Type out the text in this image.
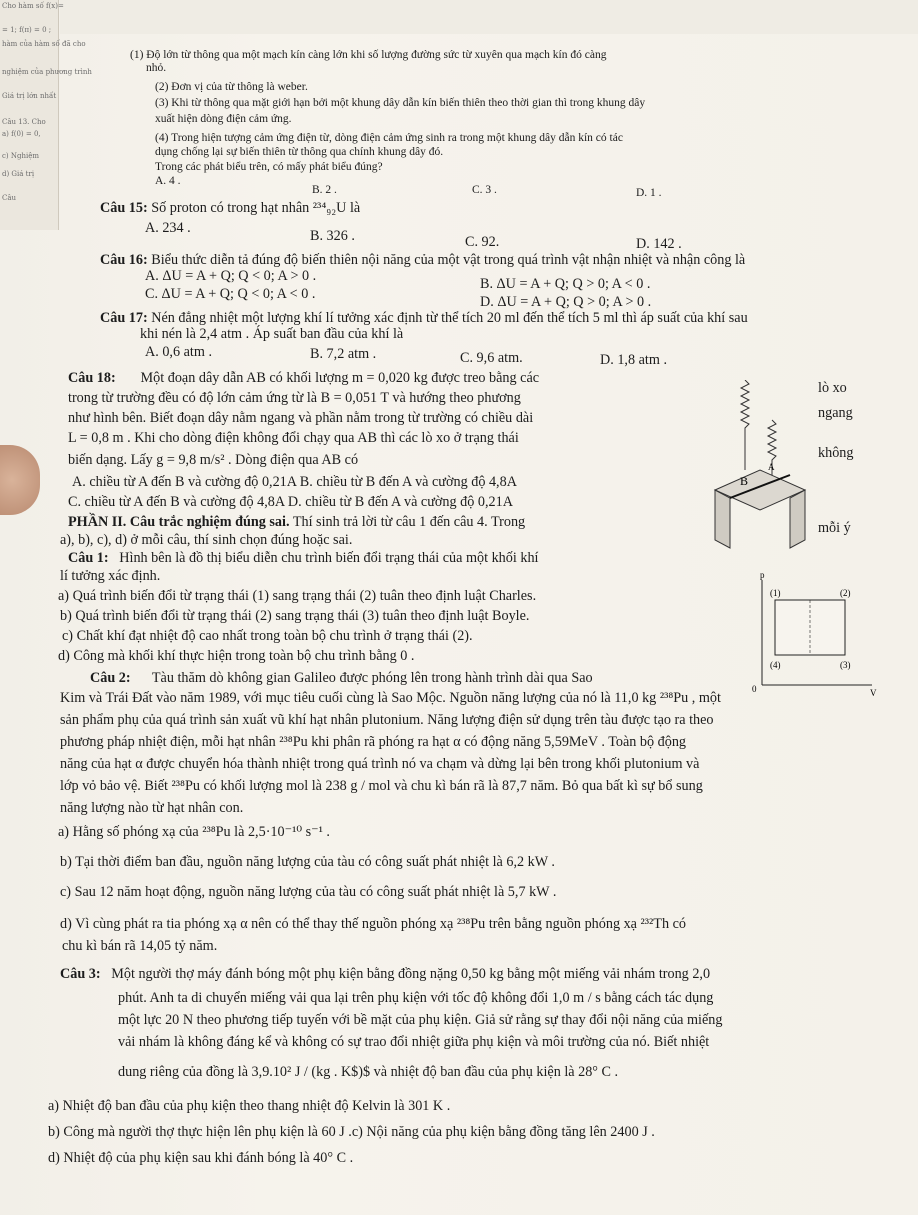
Cho hàm số f(x)=
= 1; f(π) = 0 ;
hàm của hàm số đã cho
nghiệm của phương trình
Giá trị lớn nhất
Câu 13. Cho
a) f(0) = 0,
c) Nghiệm
d) Giá trị
Câu
(1) Độ lớn từ thông qua một mạch kín càng lớn khi số lượng đường sức từ xuyên qua mạch kín đó càng
nhỏ.
(2) Đơn vị của từ thông là weber.
(3) Khi từ thông qua mặt giới hạn bởi một khung dây dẫn kín biến thiên theo thời gian thì trong khung dây
xuất hiện dòng điện cảm ứng.
(4) Trong hiện tượng cảm ứng điện từ, dòng điện cảm ứng sinh ra trong một khung dây dẫn kín có tác
dụng chống lại sự biến thiên từ thông qua chính khung dây đó.
Trong các phát biểu trên, có mấy phát biểu đúng?
A. 4 .
B. 2 .	C. 3 .	D. 1 .
Câu 15: Số proton có trong hạt nhân ²³⁴₉₂U là
A. 234 .	B. 326 .	C. 92.	D. 142 .
Câu 16: Biểu thức diễn tả đúng độ biến thiên nội năng của một vật trong quá trình vật nhận nhiệt và nhận công là
A. ΔU = A + Q; Q < 0; A > 0 .	B. ΔU = A + Q; Q > 0; A < 0 .
C. ΔU = A + Q; Q < 0; A < 0 .	D. ΔU = A + Q; Q > 0; A > 0 .
Câu 17: Nén đẳng nhiệt một lượng khí lí tưởng xác định từ thể tích 20 ml đến thể tích 5 ml thì áp suất của khí sau
khi nén là 2,4 atm . Áp suất ban đầu của khí là
A. 0,6 atm .	B. 7,2 atm .	C. 9,6 atm.	D. 1,8 atm .
Câu 18: Một đoạn dây dẫn AB có khối lượng m = 0,020 kg được treo bằng các
trong từ trường đều có độ lớn cảm ứng từ là B = 0,051 T và hướng theo phương
như hình bên. Biết đoạn dây nằm ngang và phần nằm trong từ trường có chiều dài
L = 0,8 m . Khi cho dòng điện không đổi chạy qua AB thì các lò xo ở trạng thái
biến dạng. Lấy g = 9,8 m/s² . Dòng điện qua AB có
A. chiều từ A đến B và cường độ 0,21A B. chiều từ B đến A và cường độ 4,8A
C. chiều từ A đến B và cường độ 4,8A D. chiều từ B đến A và cường độ 0,21A
PHẦN II. Câu trắc nghiệm đúng sai. Thí sinh trả lời từ câu 1 đến câu 4. Trong
a), b), c), d) ở mỗi câu, thí sinh chọn đúng hoặc sai.
Câu 1: Hình bên là đồ thị biểu diễn chu trình biến đổi trạng thái của một khối khí
lí tưởng xác định.
a) Quá trình biến đổi từ trạng thái (1) sang trạng thái (2) tuân theo định luật Charles.
b) Quá trình biến đổi từ trạng thái (2) sang trạng thái (3) tuân theo định luật Boyle.
c) Chất khí đạt nhiệt độ cao nhất trong toàn bộ chu trình ở trạng thái (2).
d) Công mà khối khí thực hiện trong toàn bộ chu trình bằng 0 .
Câu 2: Tàu thăm dò không gian Galileo được phóng lên trong hành trình dài qua Sao
Kim và Trái Đất vào năm 1989, với mục tiêu cuối cùng là Sao Mộc. Nguồn năng lượng của nó là 11,0 kg ²³⁸Pu , một
sản phẩm phụ của quá trình sản xuất vũ khí hạt nhân plutonium. Năng lượng điện sử dụng trên tàu được tạo ra theo
phương pháp nhiệt điện, mỗi hạt nhân ²³⁸Pu khi phân rã phóng ra hạt α có động năng 5,59MeV . Toàn bộ động
năng của hạt α được chuyển hóa thành nhiệt trong quá trình nó va chạm và dừng lại bên trong khối plutonium và
lớp vỏ bảo vệ. Biết ²³⁸Pu có khối lượng mol là 238 g / mol và chu kì bán rã là 87,7 năm. Bỏ qua bất kì sự bổ sung
năng lượng nào từ hạt nhân con.
a) Hằng số phóng xạ của ²³⁸Pu là 2,5·10⁻¹⁰ s⁻¹ .
b) Tại thời điểm ban đầu, nguồn năng lượng của tàu có công suất phát nhiệt là 6,2 kW .
c) Sau 12 năm hoạt động, nguồn năng lượng của tàu có công suất phát nhiệt là 5,7 kW .
d) Vì cùng phát ra tia phóng xạ α nên có thể thay thế nguồn phóng xạ ²³⁸Pu trên bằng nguồn phóng xạ ²³²Th có
chu kì bán rã 14,05 tỷ năm.
Câu 3: Một người thợ máy đánh bóng một phụ kiện bằng đồng nặng 0,50 kg bằng một miếng vải nhám trong 2,0
phút. Anh ta di chuyển miếng vải qua lại trên phụ kiện với tốc độ không đổi 1,0 m / s bằng cách tác dụng
một lực 20 N theo phương tiếp tuyến với bề mặt của phụ kiện. Giả sử rằng sự thay đổi nội năng của miếng
vải nhám là không đáng kể và không có sự trao đổi nhiệt giữa phụ kiện và môi trường của nó. Biết nhiệt
dung riêng của đồng là 3,9.10² J / (kg . K$)$ và nhiệt độ ban đầu của phụ kiện là 28° C .
a) Nhiệt độ ban đầu của phụ kiện theo thang nhiệt độ Kelvin là 301 K .
b) Công mà người thợ thực hiện lên phụ kiện là 60 J .c) Nội năng của phụ kiện bằng đồng tăng lên 2400 J .
d) Nhiệt độ của phụ kiện sau khi đánh bóng là 40° C .
lò xo
ngang
không
mỗi ý
B
A
p
V
0
(1)	(2)
(3)
(4)
